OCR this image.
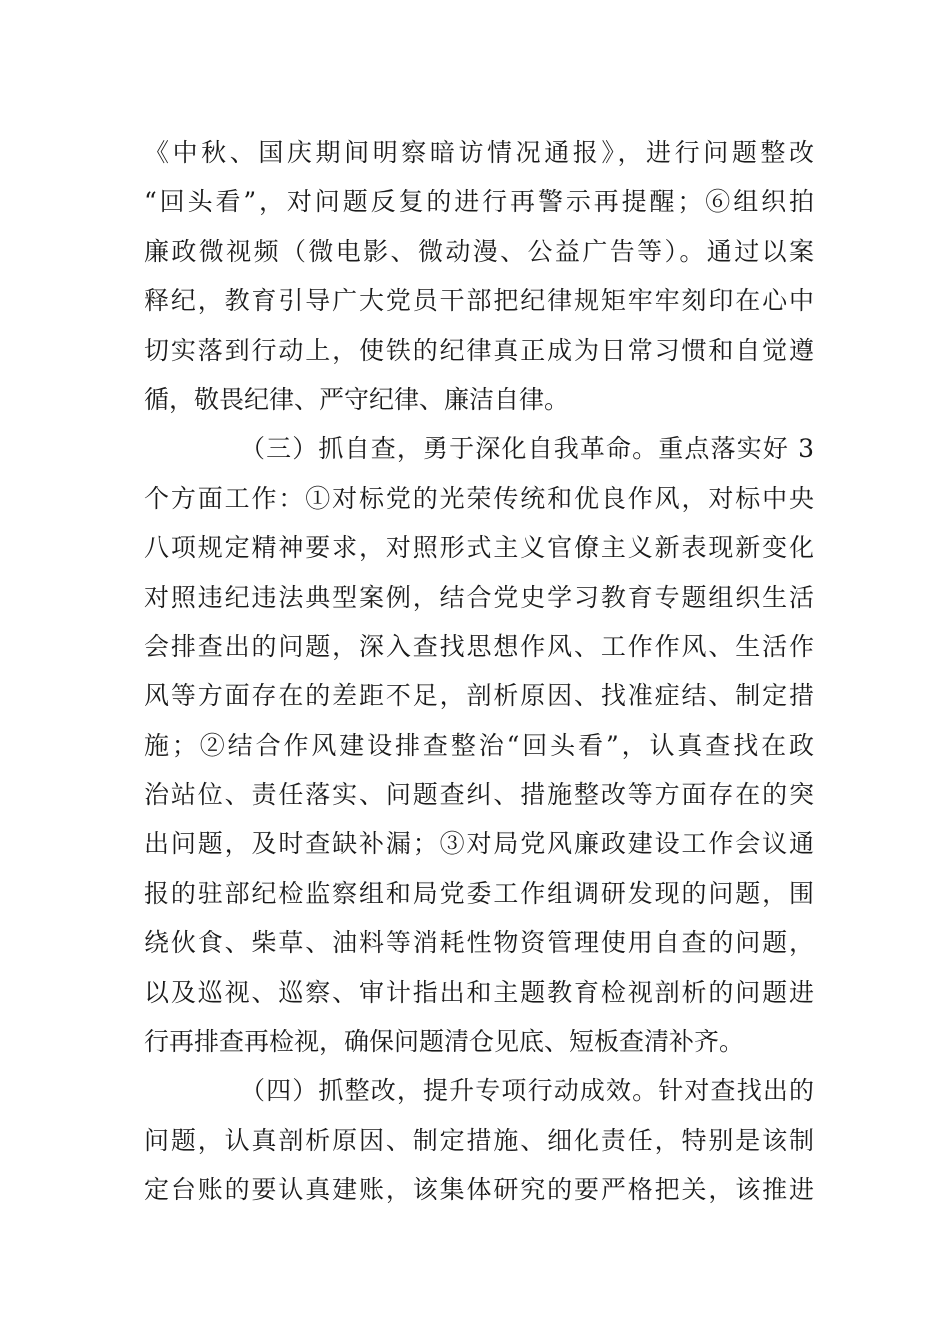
《中秋、国庆期间明察暗访情况通报》，进行问题整改
“回头看”，对问题反复的进行再警示再提醒；⑥组织拍
廉政微视频（微电影、微动漫、公益广告等）。通过以案
释纪，教育引导广大党员干部把纪律规矩牢牢刻印在心中
切实落到行动上，使铁的纪律真正成为日常习惯和自觉遵
循，敬畏纪律、严守纪律、廉洁自律。
（三）抓自查，勇于深化自我革命。重点落实好 3
个方面工作：①对标党的光荣传统和优良作风，对标中央
八项规定精神要求，对照形式主义官僚主义新表现新变化
对照违纪违法典型案例，结合党史学习教育专题组织生活
会排查出的问题，深入查找思想作风、工作作风、生活作
风等方面存在的差距不足，剖析原因、找准症结、制定措
施；②结合作风建设排查整治“回头看”，认真查找在政
治站位、责任落实、问题查纠、措施整改等方面存在的突
出问题，及时查缺补漏；③对局党风廉政建设工作会议通
报的驻部纪检监察组和局党委工作组调研发现的问题，围
绕伙食、柴草、油料等消耗性物资管理使用自查的问题，
以及巡视、巡察、审计指出和主题教育检视剖析的问题进
行再排查再检视，确保问题清仓见底、短板查清补齐。
（四）抓整改，提升专项行动成效。针对查找出的
问题，认真剖析原因、制定措施、细化责任，特别是该制
定台账的要认真建账，该集体研究的要严格把关，该推进
